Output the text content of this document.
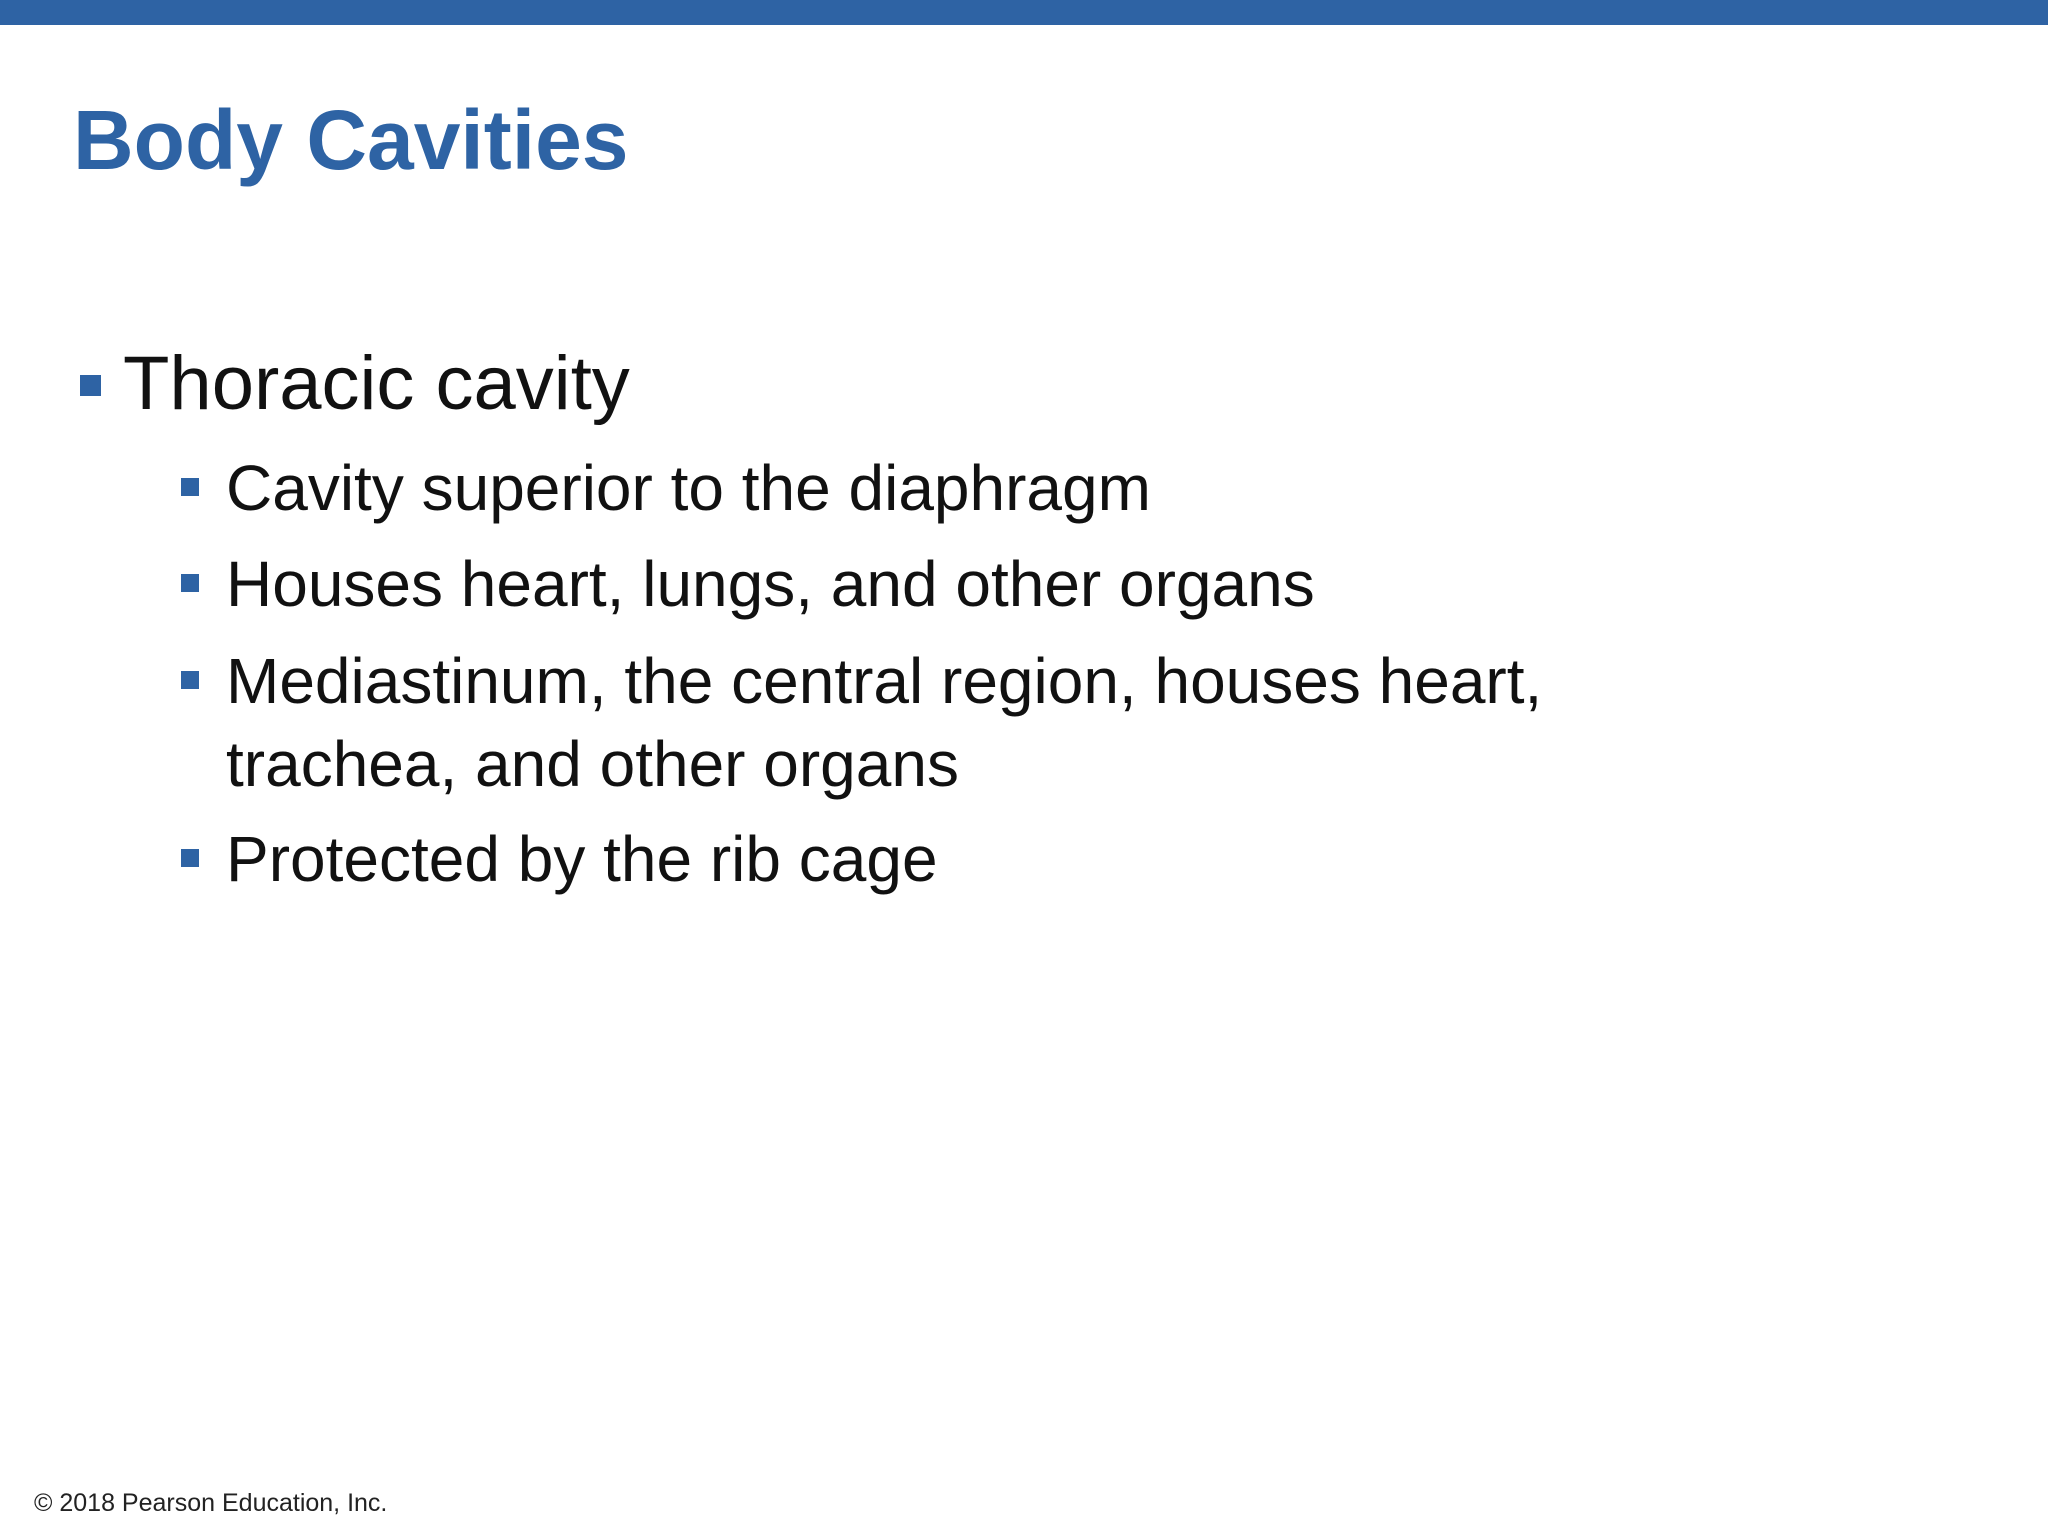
Body Cavities
Thoracic cavity
Cavity superior to the diaphragm
Houses heart, lungs, and other organs
Mediastinum, the central region, houses heart,
trachea, and other organs
Protected by the rib cage
© 2018 Pearson Education, Inc.
